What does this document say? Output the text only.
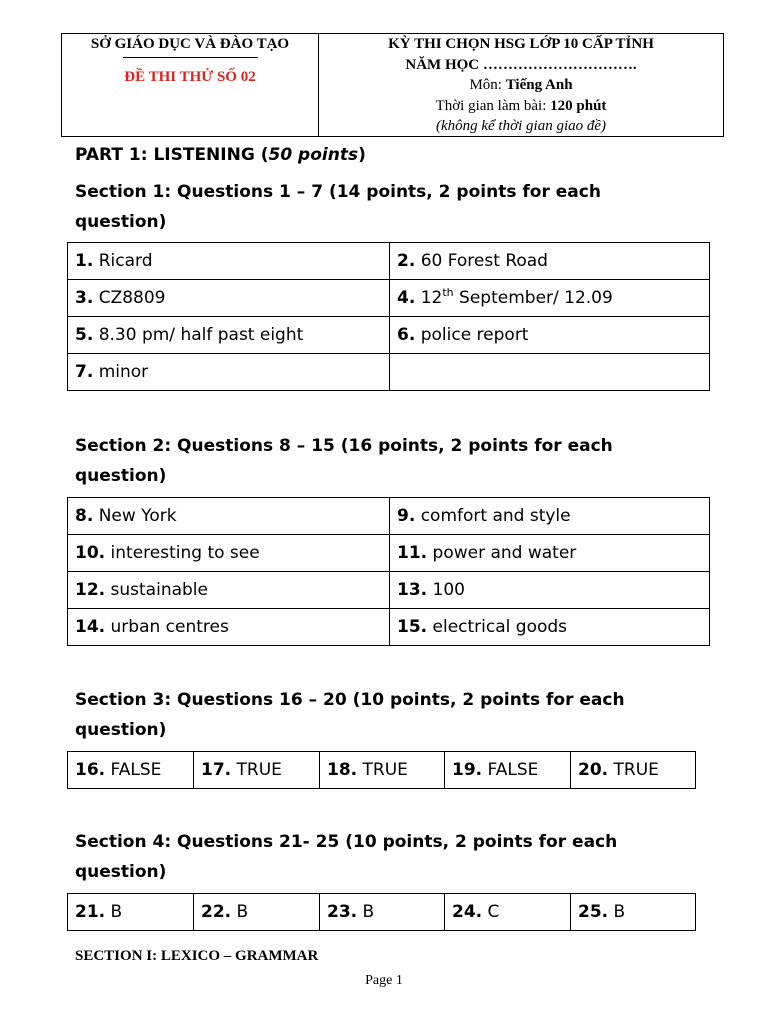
SỞ GIÁO DỤC VÀ ĐÀO TẠO
ĐỀ THI THỬ SỐ 02
KỲ THI CHỌN HSG LỚP 10 CẤP TỈNH
NĂM HỌC ………………………….
Môn: Tiếng Anh
Thời gian làm bài: 120 phút
(không kể thời gian giao đề)
PART 1: LISTENING (50 points)
Section 1: Questions 1 – 7 (14 points, 2 points for each question)
1. Ricard	2. 60 Forest Road
3. CZ8809	4. 12th September/ 12.09
5. 8.30 pm/ half past eight	6. police report
7. minor	
Section 2: Questions 8 – 15 (16 points, 2 points for each question)
8. New York	9. comfort and style
10. interesting to see	11. power and water
12. sustainable	13. 100
14. urban centres	15. electrical goods
Section 3: Questions 16 – 20 (10 points, 2 points for each question)
16. FALSE	17. TRUE	18. TRUE	19. FALSE	20. TRUE
Section 4: Questions 21- 25 (10 points, 2 points for each question)
21. B	22. B	23. B	24. C	25. B
SECTION I: LEXICO – GRAMMAR
Page 1
